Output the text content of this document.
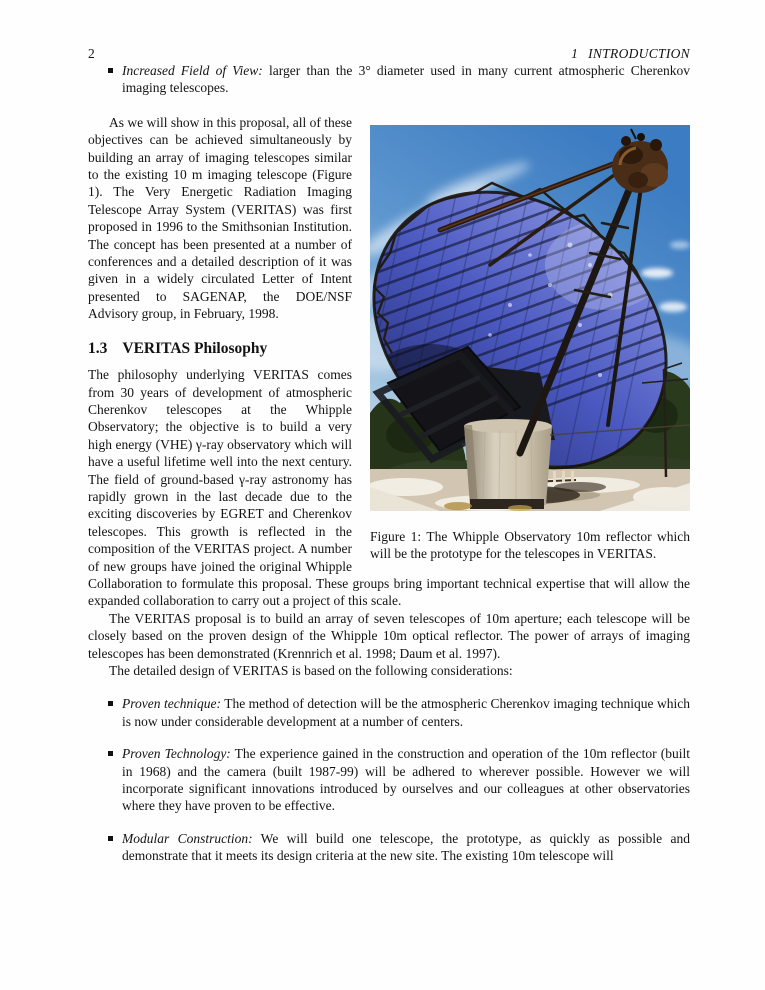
2	1 INTRODUCTION
Increased Field of View: larger than the 3° diameter used in many current atmospheric Cherenkov imaging telescopes.
Figure 1: The Whipple Observatory 10m reflector which will be the prototype for the telescopes in VERITAS.

As we will show in this proposal, all of these objectives can be achieved simultaneously by building an array of imaging telescopes similar to the existing 10 m imaging telescope (Figure 1). The Very Energetic Radiation Imaging Telescope Array System (VERITAS) was first proposed in 1996 to the Smithsonian Institution. The concept has been presented at a number of conferences and a detailed description of it was given in a widely circulated Letter of Intent presented to SAGENAP, the DOE/NSF Advisory group, in February, 1998.

1.3 VERITAS Philosophy

The philosophy underlying VERITAS comes from 30 years of development of atmospheric Cherenkov telescopes at the Whipple Observatory; the objective is to build a very high energy (VHE) γ-ray observatory which will have a useful lifetime well into the next century. The field of ground-based γ-ray astronomy has rapidly grown in the last decade due to the exciting discoveries by EGRET and Cherenkov telescopes. This growth is reflected in the composition of the VERITAS project. A number of new groups have joined the original Whipple Collaboration to formulate this proposal. These groups bring important technical expertise that will allow the expanded collaboration to carry out a project of this scale.

The VERITAS proposal is to build an array of seven telescopes of 10m aperture; each telescope will be closely based on the proven design of the Whipple 10m optical reflector. The power of arrays of imaging telescopes has been demonstrated (Krennrich et al. 1998; Daum et al. 1997).

The detailed design of VERITAS is based on the following considerations:

Proven technique: The method of detection will be the atmospheric Cherenkov imaging technique which is now under considerable development at a number of centers.
Proven Technology: The experience gained in the construction and operation of the 10m reflector (built in 1968) and the camera (built 1987-99) will be adhered to wherever possible. However we will incorporate significant innovations introduced by ourselves and our colleagues at other observatories where they have proven to be effective.
Modular Construction: We will build one telescope, the prototype, as quickly as possible and demonstrate that it meets its design criteria at the new site. The existing 10m telescope will
